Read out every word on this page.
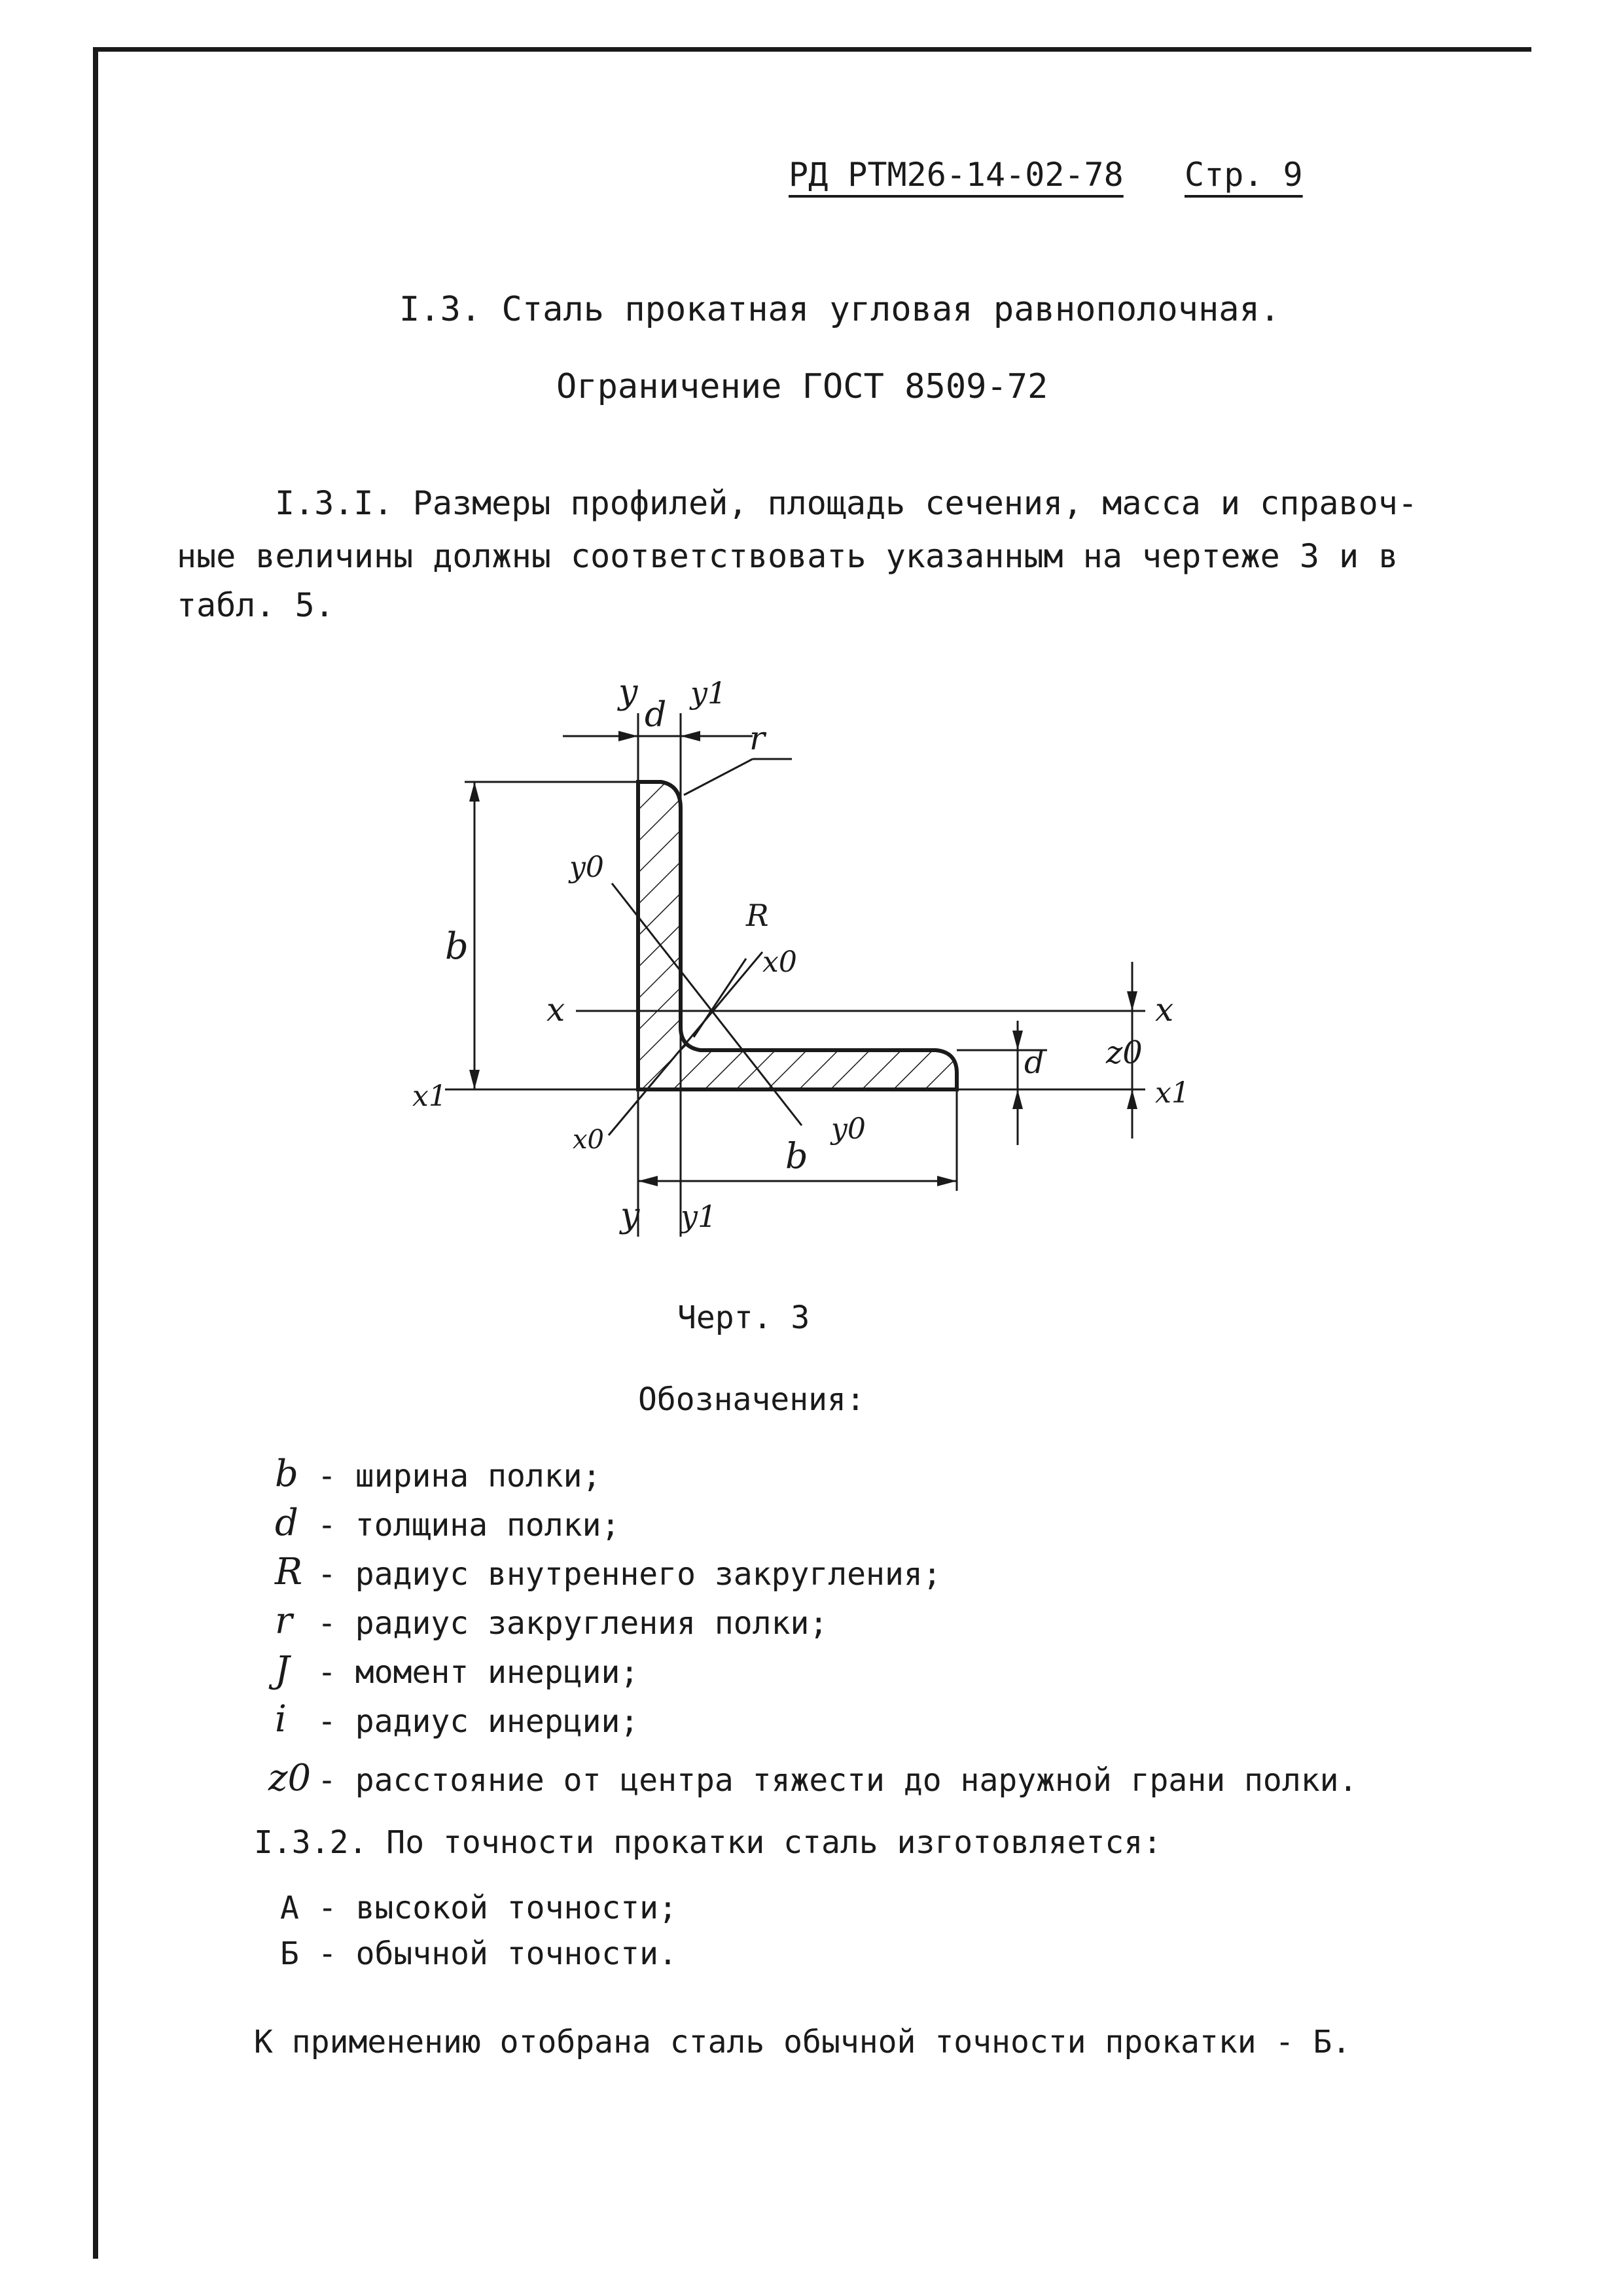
РД РТМ26-14-02-78 Стр. 9
I.3. Сталь прокатная угловая равнополочная.
Ограничение ГОСТ 8509-72
I.3.I. Размеры профилей, площадь сечения, масса и справоч-
ные величины должны соответствовать указанным на чертеже 3 и в
табл. 5.
y
d
y1
r
y0
b
R
x0
x	x
d z0
x1	x1
x0	y0
b
y y1
Черт. 3
Обозначения:
b - ширина полки;
d - толщина полки;
R - радиус внутреннего закругления;
r - радиус закругления полки;
J - момент инерции;
i - радиус инерции;
z0 - расстояние от центра тяжести до наружной грани полки.
I.3.2. По точности прокатки сталь изготовляется:
А - высокой точности;
Б - обычной точности.
К применению отобрана сталь обычной точности прокатки - Б.
